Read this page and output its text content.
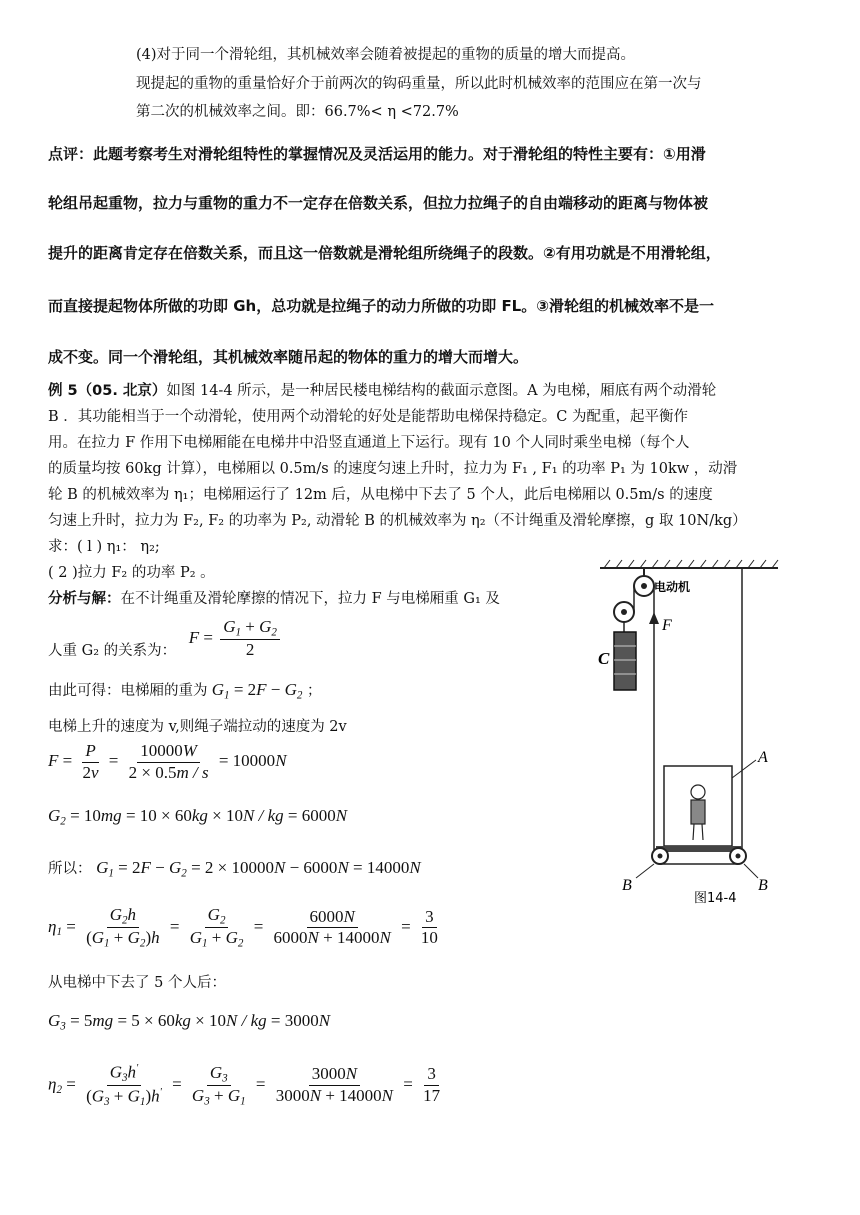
(4)对于同一个滑轮组，其机械效率会随着被提起的重物的质量的增大而提高。
现提起的重物的重量恰好介于前两次的钩码重量，所以此时机械效率的范围应在第一次与
第二次的机械效率之间。即：66.7%< η <72.7%
点评：此题考察考生对滑轮组特性的掌握情况及灵活运用的能力。对于滑轮组的特性主要有：①用滑
轮组吊起重物，拉力与重物的重力不一定存在倍数关系，但拉力拉绳子的自由端移动的距离与物体被
提升的距离肯定存在倍数关系，而且这一倍数就是滑轮组所绕绳子的段数。②有用功就是不用滑轮组，
而直接提起物体所做的功即 Gh，总功就是拉绳子的动力所做的功即 FL。③滑轮组的机械效率不是一
成不变。同一个滑轮组，其机械效率随吊起的物体的重力的增大而增大。
例 5（05. 北京）如图 14-4 所示，是一种居民楼电梯结构的截面示意图。A 为电梯，厢底有两个动滑轮
B ．其功能相当于一个动滑轮，使用两个动滑轮的好处是能帮助电梯保持稳定。C 为配重，起平衡作
用。在拉力 F 作用下电梯厢能在电梯井中沿竖直通道上下运行。现有 10 个人同时乘坐电梯（每个人
的质量均按 60kg 计算），电梯厢以 0.5m/s 的速度匀速上升时，拉力为 F₁ , F₁ 的功率 P₁ 为 10kw ，动滑
轮 B 的机械效率为 η₁；电梯厢运行了 12m 后，从电梯中下去了 5 个人，此后电梯厢以 0.5m/s 的速度
匀速上升时，拉力为 F₂, F₂ 的功率为 P₂, 动滑轮 B 的机械效率为 η₂（不计绳重及滑轮摩擦，g 取 10N/kg）
求：( l ) η₁： η₂;
( 2 )拉力 F₂ 的功率 P₂ 。
分析与解：在不计绳重及滑轮摩擦的情况下，拉力 F 与电梯厢重 G₁ 及
人重 G₂ 的关系为： $F = \frac{G_1 + G_2}{2}$
由此可得：电梯厢的重为 $G_1 = 2F - G_2$ ；
电梯上升的速度为 v,则绳子端拉动的速度为 2v
$F = \frac{P}{2v} = \frac{10000W}{2 \times 0.5m / s} = 10000N$
$G_2 = 10mg = 10 \times 60kg \times 10N$ / kg = 6000N
所以： $G_1 = 2F - G_2 = 2 \times 10000N - 6000N = 14000N$
$\eta_1 = \frac{G_2h}{(G_1 + G_2)h} = \frac{G_2}{G_1 + G_2} = \frac{6000N}{6000N + 14000N} = \frac{3}{10}$
从电梯中下去了 5 个人后：
$G_3 = 5mg = 5 \times 60kg \times 10N$ / kg = 3000N
$\eta_2 = \frac{G_3h'}{(G_3 + G_1)h'} = \frac{G_3}{G_3 + G_1} = \frac{3000N}{3000N + 14000N} = \frac{3}{17}$
电动机
C
F
A
B	B
图14-4
